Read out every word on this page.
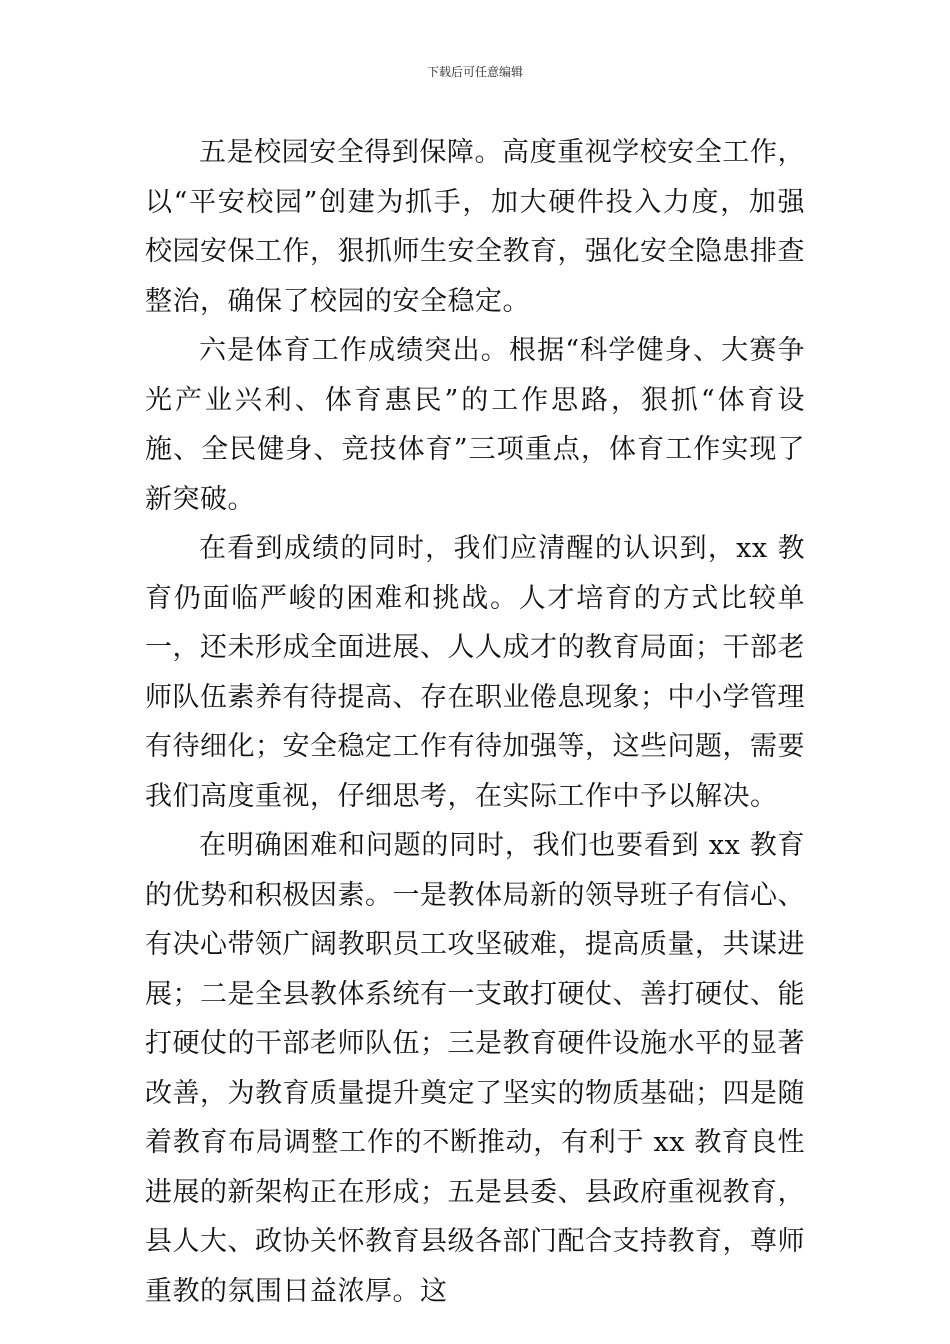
下载后可任意编辑

五是校园安全得到保障。高度重视学校安全工作，以“平安校园”创建为抓手，加大硬件投入力度，加强校园安保工作，狠抓师生安全教育，强化安全隐患排查整治，确保了校园的安全稳定。

六是体育工作成绩突出。根据“科学健身、大赛争光产业兴利、体育惠民”的工作思路，狠抓“体育设施、全民健身、竞技体育”三项重点，体育工作实现了新突破。

在看到成绩的同时，我们应清醒的认识到，xx 教育仍面临严峻的困难和挑战。人才培育的方式比较单一，还未形成全面进展、人人成才的教育局面；干部老师队伍素养有待提高、存在职业倦息现象；中小学管理有待细化；安全稳定工作有待加强等，这些问题，需要我们高度重视，仔细思考，在实际工作中予以解决。

在明确困难和问题的同时，我们也要看到 xx 教育的优势和积极因素。一是教体局新的领导班子有信心、有决心带领广阔教职员工攻坚破难，提高质量，共谋进展；二是全县教体系统有一支敢打硬仗、善打硬仗、能打硬仗的干部老师队伍；三是教育硬件设施水平的显著改善，为教育质量提升奠定了坚实的物质基础；四是随着教育布局调整工作的不断推动，有利于 xx 教育良性进展的新架构正在形成；五是县委、县政府重视教育，县人大、政协关怀教育县级各部门配合支持教育，尊师重教的氛围日益浓厚。这
